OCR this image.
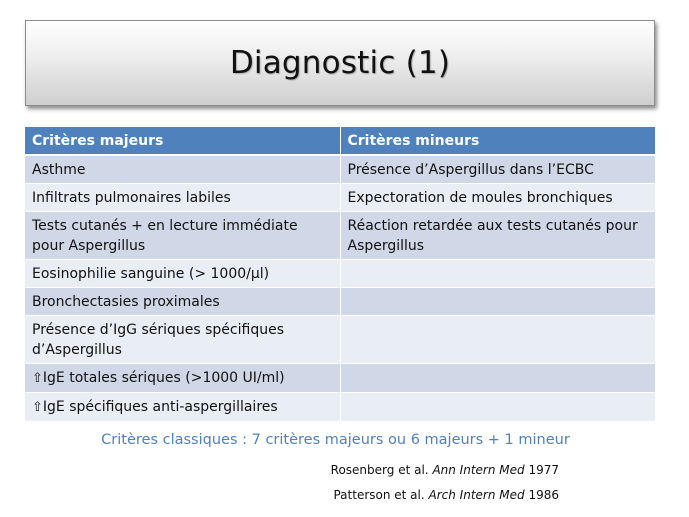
Diagnostic (1)
Critères majeurs	Critères mineurs
Asthme	Présence d’Aspergillus dans l’ECBC
Infiltrats pulmonaires labiles	Expectoration de moules bronchiques
Tests cutanés + en lecture immédiate pour Aspergillus	Réaction retardée aux tests cutanés pour Aspergillus
Eosinophilie sanguine (> 1000/µl)	
Bronchectasies proximales	
Présence d’IgG sériques spécifiques d’Aspergillus	
⇧IgE totales sériques (>1000 UI/ml)	
⇧IgE spécifiques anti-aspergillaires	
Critères classiques : 7 critères majeurs ou 6 majeurs + 1 mineur
Rosenberg et al. Ann Intern Med 1977
Patterson et al. Arch Intern Med 1986
